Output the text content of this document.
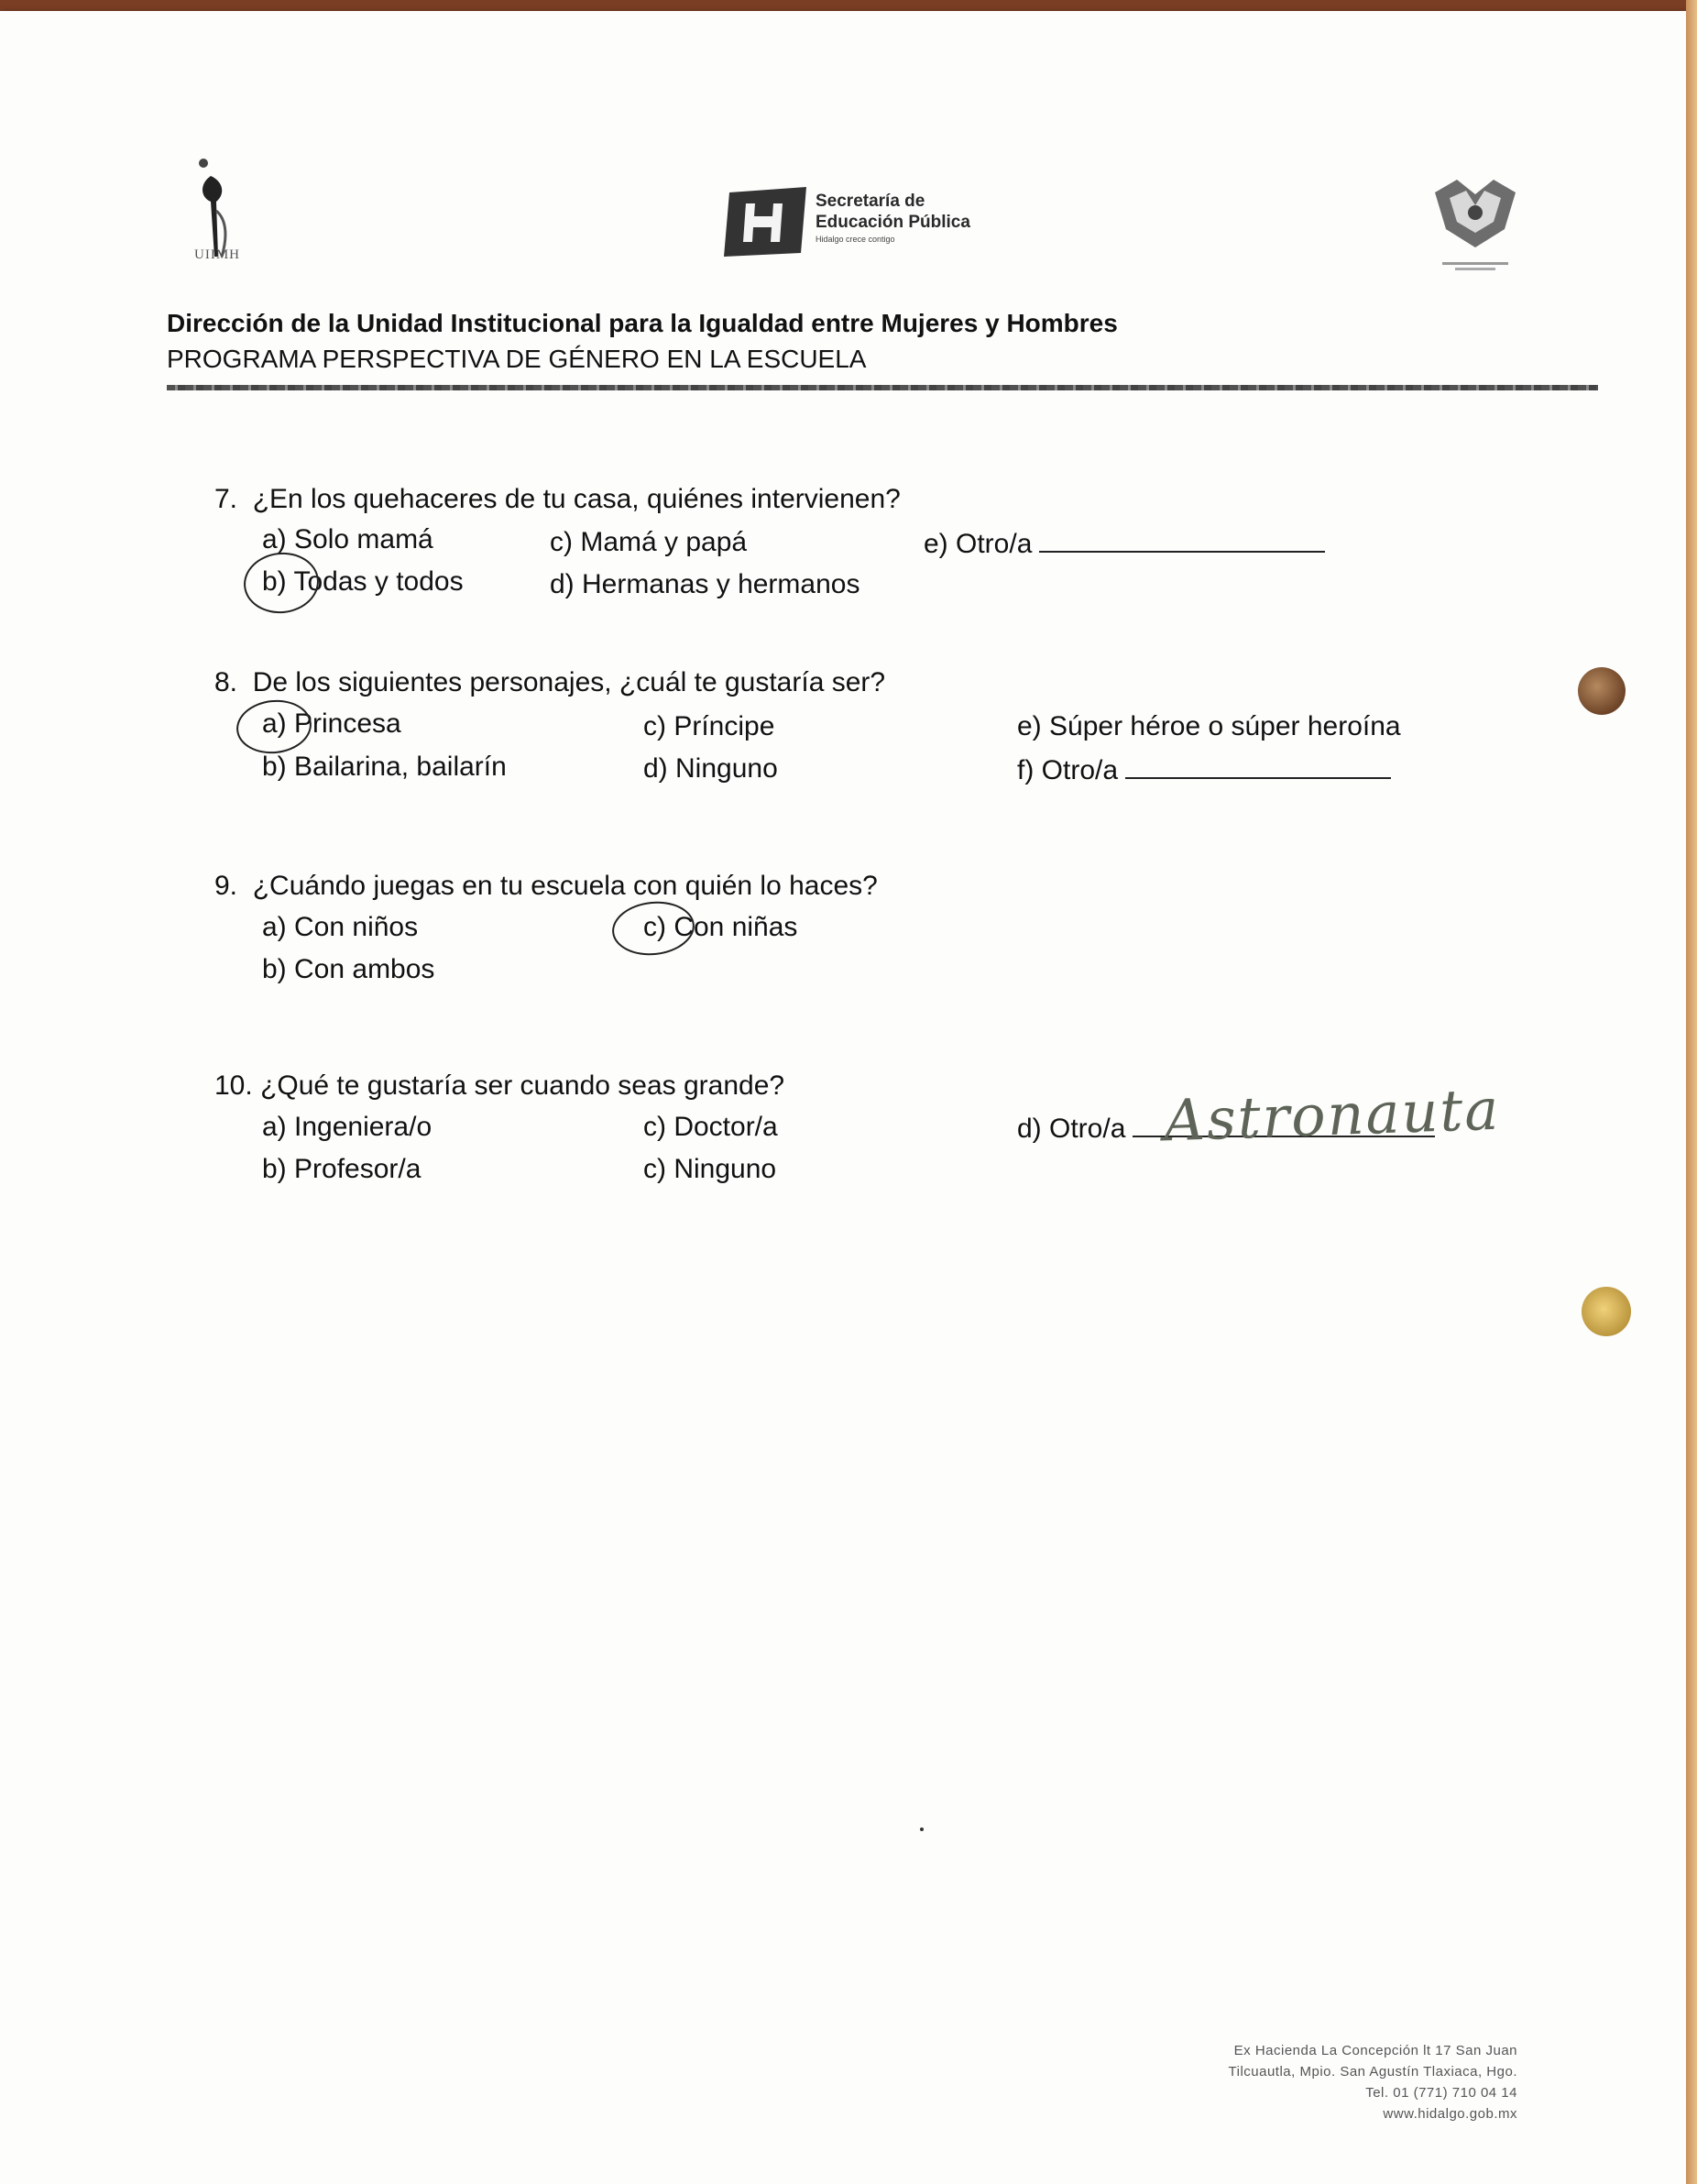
UIIMH
Secretaría de
Educación Pública
Hidalgo crece contigo
Dirección de la Unidad Institucional para la Igualdad entre Mujeres y Hombres
PROGRAMA PERSPECTIVA DE GÉNERO EN LA ESCUELA
7. ¿En los quehaceres de tu casa, quiénes intervienen?
a) Solo mamá
b) Todas y todos
c) Mamá y papá
d) Hermanas y hermanos
e) Otro/a
8. De los siguientes personajes, ¿cuál te gustaría ser?
a) Princesa
b) Bailarina, bailarín
c) Príncipe
d) Ninguno
e) Súper héroe o súper heroína
f) Otro/a
9. ¿Cuándo juegas en tu escuela con quién lo haces?
a) Con niños
b) Con ambos
c) Con niñas
10. ¿Qué te gustaría ser cuando seas grande?
a) Ingeniera/o
b) Profesor/a
c) Doctor/a
c) Ninguno
d) Otro/a Astronauta
Ex Hacienda La Concepción lt 17 San Juan
Tilcuautla, Mpio. San Agustín Tlaxiaca, Hgo.
Tel. 01 (771) 710 04 14
www.hidalgo.gob.mx
